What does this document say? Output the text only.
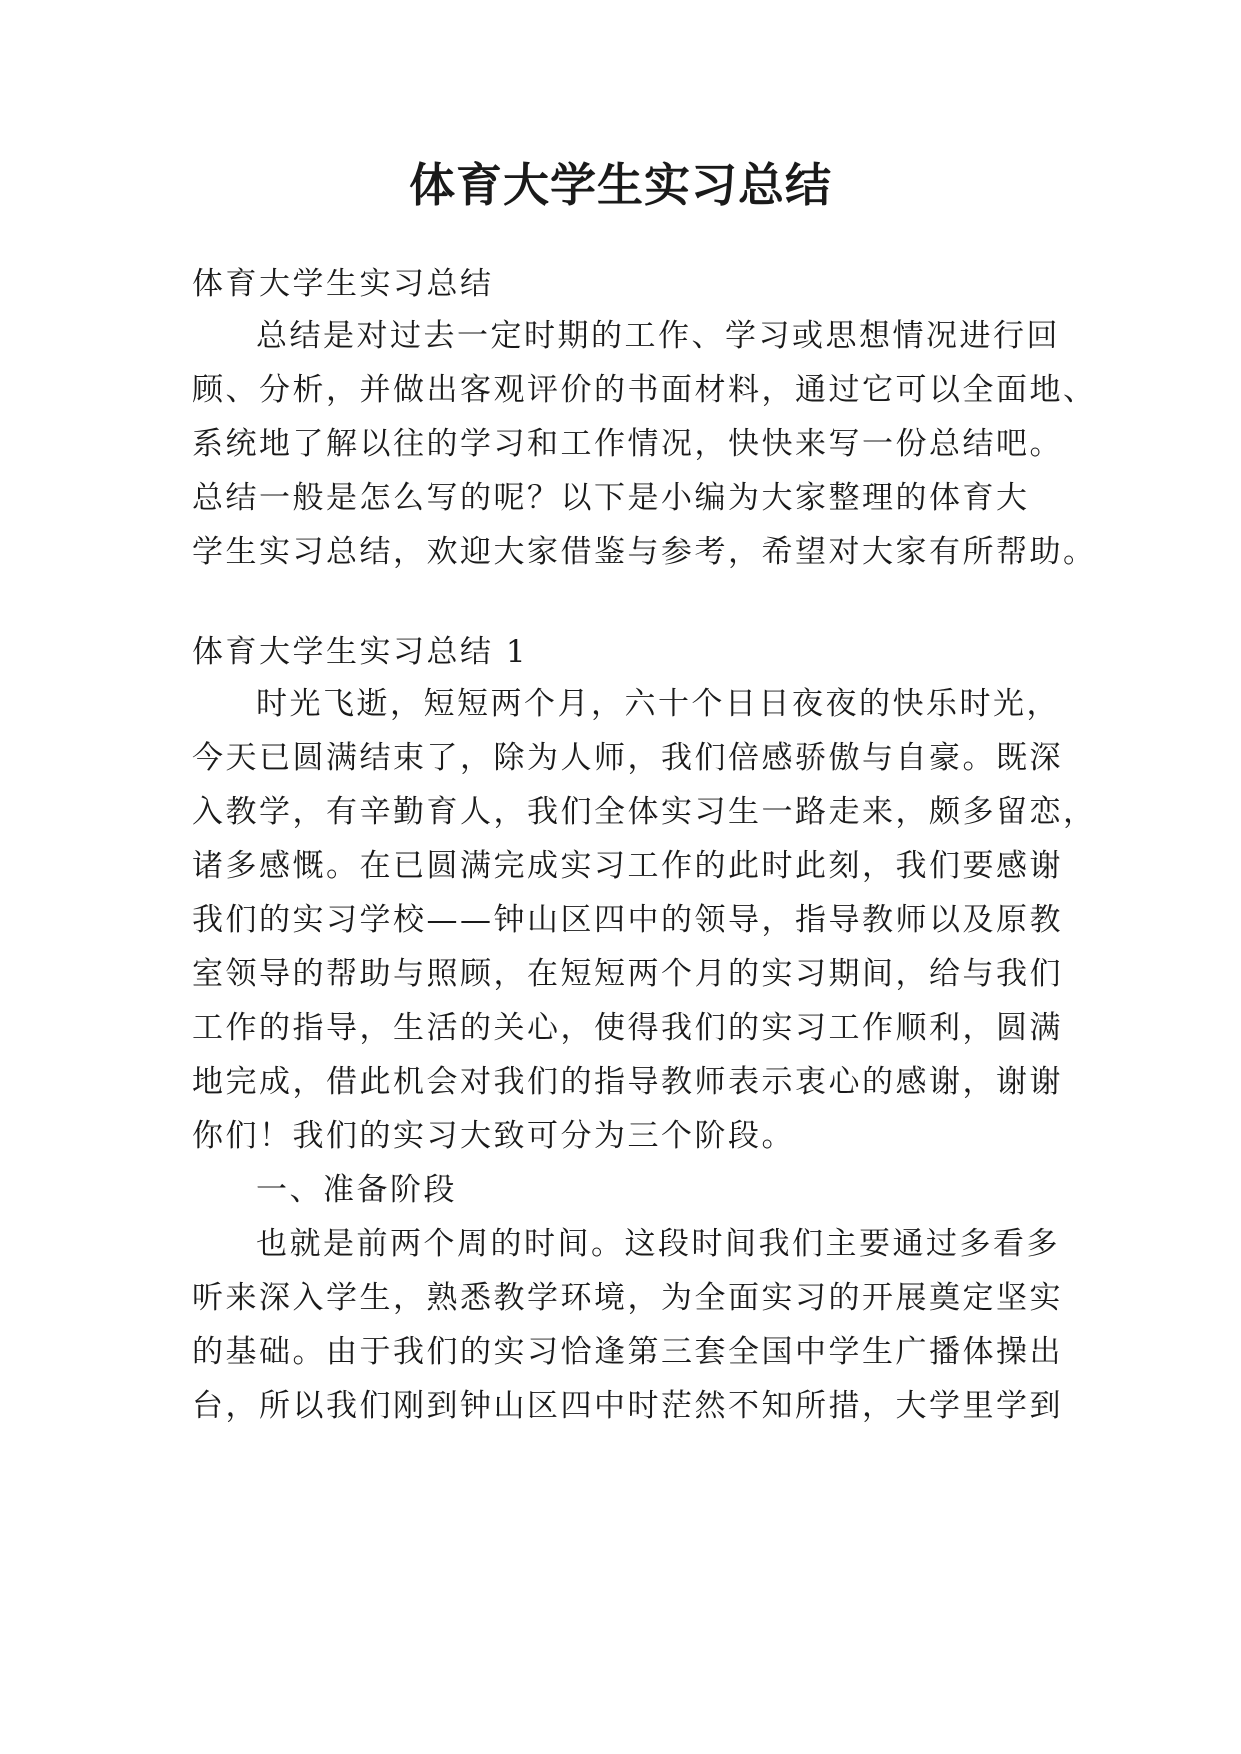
体育大学生实习总结
体育大学生实习总结
总结是对过去一定时期的工作、学习或思想情况进行回
顾、分析，并做出客观评价的书面材料，通过它可以全面地、
系统地了解以往的学习和工作情况，快快来写一份总结吧。
总结一般是怎么写的呢？以下是小编为大家整理的体育大
学生实习总结，欢迎大家借鉴与参考，希望对大家有所帮助。
体育大学生实习总结 1
时光飞逝，短短两个月，六十个日日夜夜的快乐时光，
今天已圆满结束了，除为人师，我们倍感骄傲与自豪。既深
入教学，有辛勤育人，我们全体实习生一路走来，颇多留恋，
诸多感慨。在已圆满完成实习工作的此时此刻，我们要感谢
我们的实习学校——钟山区四中的领导，指导教师以及原教
室领导的帮助与照顾，在短短两个月的实习期间，给与我们
工作的指导，生活的关心，使得我们的实习工作顺利，圆满
地完成，借此机会对我们的指导教师表示衷心的感谢，谢谢
你们！我们的实习大致可分为三个阶段。
一、准备阶段
也就是前两个周的时间。这段时间我们主要通过多看多
听来深入学生，熟悉教学环境，为全面实习的开展奠定坚实
的基础。由于我们的实习恰逢第三套全国中学生广播体操出
台，所以我们刚到钟山区四中时茫然不知所措，大学里学到
